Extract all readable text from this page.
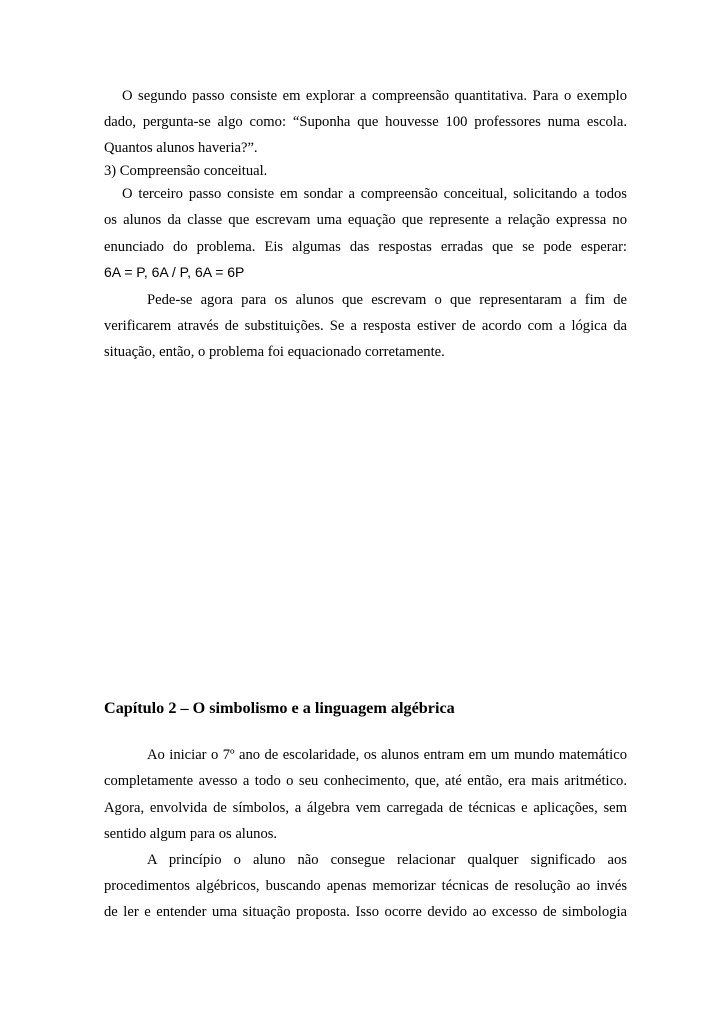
O segundo passo consiste em explorar a compreensão quantitativa. Para o exemplo
dado, pergunta-se algo como: “Suponha que houvesse 100 professores numa escola.
Quantos alunos haveria?”.
3) Compreensão conceitual.
O terceiro passo consiste em sondar a compreensão conceitual, solicitando a todos
os alunos da classe que escrevam uma equação que represente a relação expressa no
enunciado do problema. Eis algumas das respostas erradas que se pode esperar:
6A = P, 6A / P, 6A = 6P
Pede-se agora para os alunos que escrevam o que representaram a fim de
verificarem através de substituições. Se a resposta estiver de acordo com a lógica da
situação, então, o problema foi equacionado corretamente.
Capítulo 2 – O simbolismo e a linguagem algébrica
Ao iniciar o 7º ano de escolaridade, os alunos entram em um mundo matemático
completamente avesso a todo o seu conhecimento, que, até então, era mais aritmético.
Agora, envolvida de símbolos, a álgebra vem carregada de técnicas e aplicações, sem
sentido algum para os alunos.
A princípio o aluno não consegue relacionar qualquer significado aos
procedimentos algébricos, buscando apenas memorizar técnicas de resolução ao invés
de ler e entender uma situação proposta. Isso ocorre devido ao excesso de simbologia
